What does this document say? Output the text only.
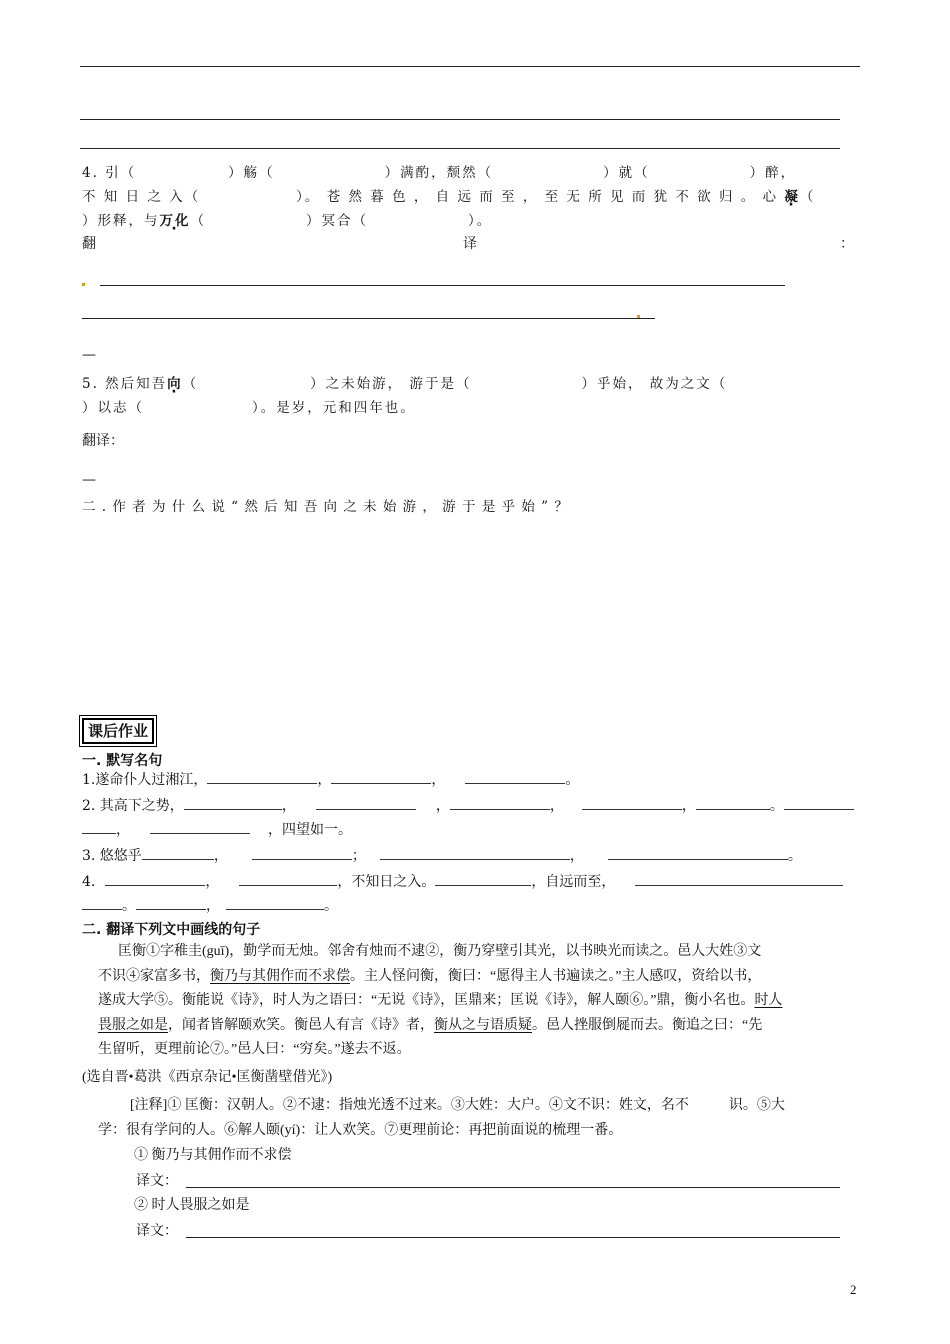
4. 引（	）觞（	）满酌，颓然（	）就（	）醉，
不 知 日 之 入（	）。 苍 然 暮 色 ， 自 远 而 至 ， 至 无 所 见 而 犹 不 欲 归 。 心 凝（
）形释，与万化（	）冥合（	）。
翻	译	：
—
5. 然后知吾向（	）之未始游， 游于是（	）乎始， 故为之文（
）以志（	）。是岁，元和四年也。
翻译：
—
二 . 作 者 为 什 么 说 “ 然 后 知 吾 向 之 未 始 游 ， 游 于 是 乎 始 ” ？
课后作业
一. 默写名句
1.遂命仆人过湘江，	，	，	。
2. 其高下之势，	，	，	，	，	。
，	，四望如一。
3. 悠悠乎	，	；	，	。
4.	，	，不知日之入。	，自远而至，
。	，	。
二. 翻译下列文中画线的句子
匡衡①字稚圭(guī)，勤学而无烛。邻舍有烛而不逮②，衡乃穿壁引其光，以书映光而读之。邑人大姓③文
不识④家富多书，衡乃与其佣作而不求偿。主人怪问衡，衡曰：“愿得主人书遍读之。”主人感叹，资给以书，
遂成大学⑤。衡能说《诗》，时人为之语曰：“无说《诗》，匡鼎来；匡说《诗》，解人颐⑥。”鼎，衡小名也。时人
畏服之如是，闻者皆解颐欢笑。衡邑人有言《诗》者，衡从之与语质疑。邑人挫服倒屣而去。衡追之曰：“先
生留听，更理前论⑦。”邑人曰：“穷矣。”遂去不返。
(选自晋•葛洪《西京杂记•匡衡凿壁借光》)
[注释]① 匡衡：汉朝人。②不逮：指烛光透不过来。③大姓：大户。④文不识：姓文，名不	识。⑤大
学：很有学问的人。⑥解人颐(yí)：让人欢笑。⑦更理前论：再把前面说的梳理一番。
① 衡乃与其佣作而不求偿
译文：
② 时人畏服之如是
译文：
2
